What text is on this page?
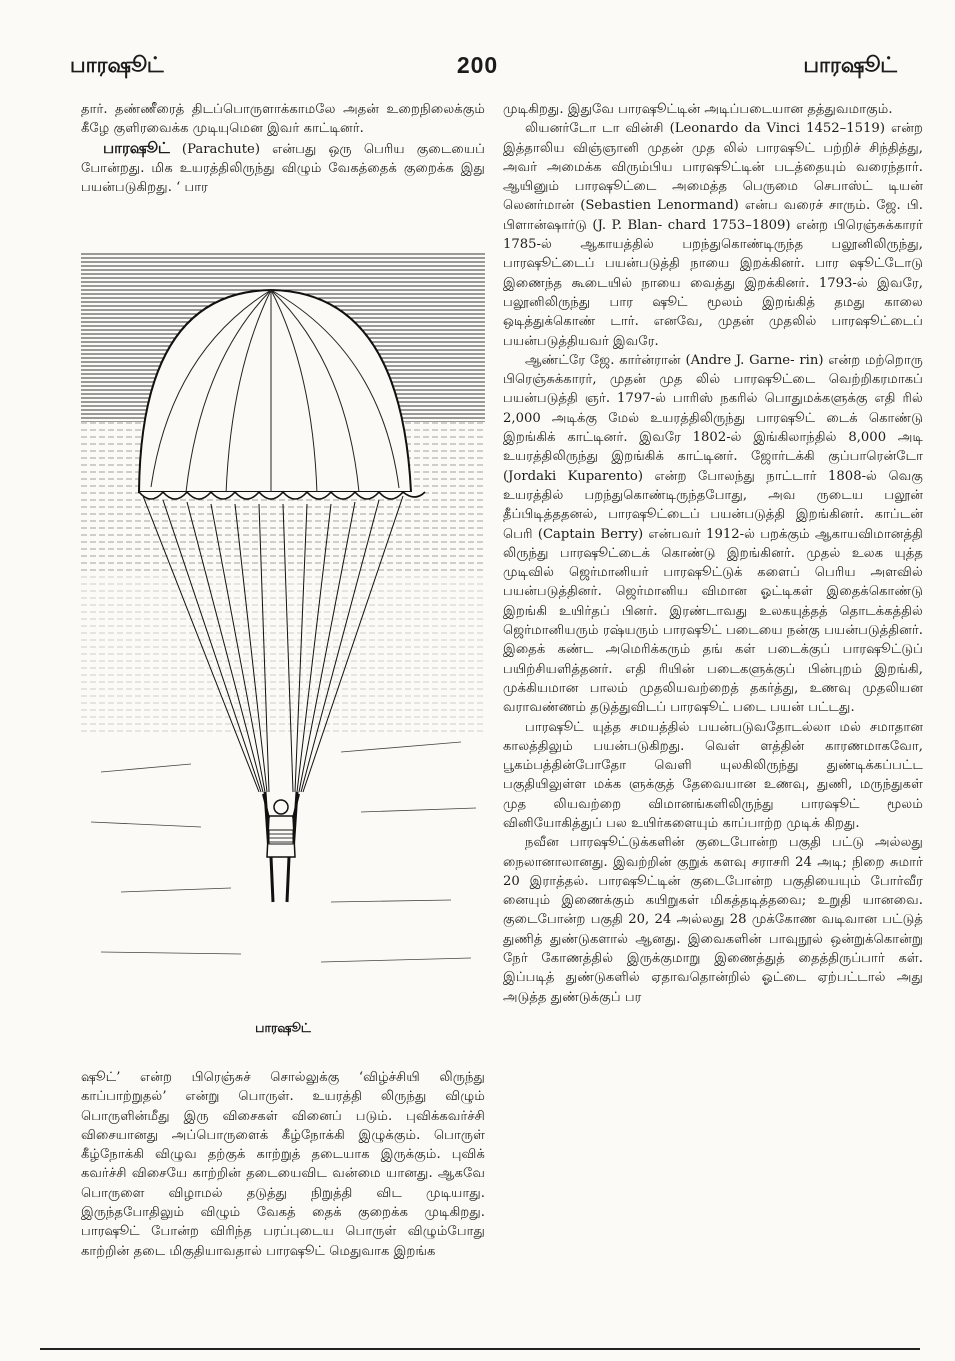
பாரஷூட்	200	பாரஷூட்

தார். தண்ணீரைத் திடப்பொருளாக்காமலே அதன் உறைநிலைக்கும் கீழே குளிரவைக்க முடியுமென இவர் காட்டினர்.

பாரஷூட் (Parachute) என்பது ஒரு பெரிய குடையைப் போன்றது. மிக உயரத்திலிருந்து விழும் வேகத்தைக் குறைக்க இது பயன்படுகிறது. ‘ பார

பாரஷூட்

ஷூட்’ என்ற பிரெஞ்சுச் சொல்லுக்கு ‘விழ்ச்சியி லிருந்து காப்பாற்றுதல்’ என்று பொருள். உயரத்தி லிருந்து விழும் பொருளின்மீது இரு விசைகள் வினைப் படும். புவிக்கவர்ச்சி விசையானது அப்பொருளைக் கீழ்நோக்கி இழுக்கும். பொருள் கீழ்நோக்கி விழுவ தற்குக் காற்றுத் தடையாக இருக்கும். புவிக் கவர்ச்சி விசையே காற்றின் தடையைவிட வன்மை யானது. ஆகவே பொருளை விழாமல் தடுத்து நிறுத்தி விட முடியாது. இருந்தபோதிலும் விழும் வேகத் தைக் குறைக்க முடிகிறது. பாரஷூட் போன்ற விரிந்த பரப்புடைய பொருள் விழும்போது காற்றின் தடை மிகுதியாவதால் பாரஷூட் மெதுவாக இறங்க

முடிகிறது. இதுவே பாரஷூட்டின் அடிப்படையான தத்துவமாகும்.

லியனர்டோ டா வின்சி (Leonardo da Vinci 1452–1519) என்ற இத்தாலிய விஞ்ஞானி முதன் முத லில் பாரஷூட் பற்றிச் சிந்தித்து, அவர் அமைக்க விரும்பிய பாரஷூட்டின் படத்தையும் வரைந்தார். ஆயினும் பாரஷூட்டை அமைத்த பெருமை செபாஸ்ட் டியன் லெனர்மான் (Sebastien Lenormand) என்ப வரைச் சாரும். ஜே. பி. பிளான்ஷார்டு (J. P. Blan- chard 1753–1809) என்ற பிரெஞ்சுக்காரர் 1785-ல் ஆகாயத்தில் பறந்துகொண்டிருந்த பலூனிலிருந்து, பாரஷூட்டைப் பயன்படுத்தி நாயை இறக்கினர். பார ஷூட்டோடு இணைந்த கூடையில் நாயை வைத்து இறக்கினர். 1793-ல் இவரே, பலூனிலிருந்து பார ஷூட் மூலம் இறங்கித் தமது காலை ஒடித்துக்கொண் டார். எனவே, முதன் முதலில் பாரஷூட்டைப் பயன்படுத்தியவர் இவரே.

ஆண்ட்ரே ஜே. கார்ன்ரான் (Andre J. Garne- rin) என்ற மற்றொரு பிரெஞ்சுக்காரர், முதன் முத லில் பாரஷூட்டை வெற்றிகரமாகப் பயன்படுத்தி ஞர். 1797-ல் பாரிஸ் நகரில் பொதுமக்களுக்கு எதி ரில் 2,000 அடிக்கு மேல் உயரத்திலிருந்து பாரஷூட் டைக் கொண்டு இறங்கிக் காட்டினர். இவரே 1802-ல் இங்கிலாந்தில் 8,000 அடி உயரத்திலிருந்து இறங்கிக் காட்டினர். ஜோர்டக்கி குப்பாரென்டோ (Jordaki Kuparento) என்ற போலந்து நாட்டார் 1808-ல் வெகு உயரத்தில் பறந்துகொண்டிருந்தபோது, அவ ருடைய பலூன் தீப்பிடித்ததனல், பாரஷூட்டைப் பயன்படுத்தி இறங்கினர். காப்டன் பெரி (Captain Berry) என்பவர் 1912-ல் பறக்கும் ஆகாயவிமானத்தி லிருந்து பாரஷூட்டைக் கொண்டு இறங்கினர். முதல் உலக யுத்த முடிவில் ஜெர்மானியர் பாரஷூட்டுக் களைப் பெரிய அளவில் பயன்படுத்தினர். ஜெர்மானிய விமான ஓட்டிகள் இதைக்கொண்டு இறங்கி உயிர்தப் பினர். இரண்டாவது உலகயுத்தத் தொடக்கத்தில் ஜெர்மானியரும் ரஷ்யரும் பாரஷூட் படையை நன்கு பயன்படுத்தினர். இதைக் கண்ட அமெரிக்கரும் தங் கள் படைக்குப் பாரஷூட்டுப் பயிற்சியளித்தனர். எதி ரியின் படைகளுக்குப் பின்புறம் இறங்கி, முக்கியமான பாலம் முதலியவற்றைத் தகர்த்து, உணவு முதலியன வராவண்ணம் தடுத்துவிடப் பாரஷூட் படை பயன் பட்டது.

பாரஷூட் யுத்த சமயத்தில் பயன்படுவதோடல்லா மல் சமாதான காலத்திலும் பயன்படுகிறது. வெள் ளத்தின் காரணமாகவோ, பூகம்பத்தின்போதோ வெளி யுலகிலிருந்து துண்டிக்கப்பட்ட பகுதியிலுள்ள மக்க ளுக்குத் தேவையான உணவு, துணி, மருந்துகள் முத லியவற்றை விமானங்களிலிருந்து பாரஷூட் மூலம் வினியோகித்துப் பல உயிர்களையும் காப்பாற்ற முடிக் கிறது.

நவீன பாரஷூட்டுக்களின் குடைபோன்ற பகுதி பட்டு அல்லது நைலானாலானது. இவற்றின் குறுக் களவு சராசரி 24 அடி; நிறை சுமார் 20 இராத்தல். பாரஷூட்டின் குடைபோன்ற பகுதியையும் போர்வீர னையும் இணைக்கும் கயிறுகள் மிகத்தடித்தவை; உறுதி யானவை. குடைபோன்ற பகுதி 20, 24 அல்லது 28 முக்கோண வடிவான பட்டுத் துணித் துண்டுகளால் ஆனது. இவைகளின் பாவுநூல் ஒன்றுக்கொன்று நேர் கோணத்தில் இருக்குமாறு இணைத்துத் தைத்திருப்பார் கள். இப்படித் துண்டுகளில் ஏதாவதொன்றில் ஓட்டை ஏற்பட்டால் அது அடுத்த துண்டுக்குப் பர
